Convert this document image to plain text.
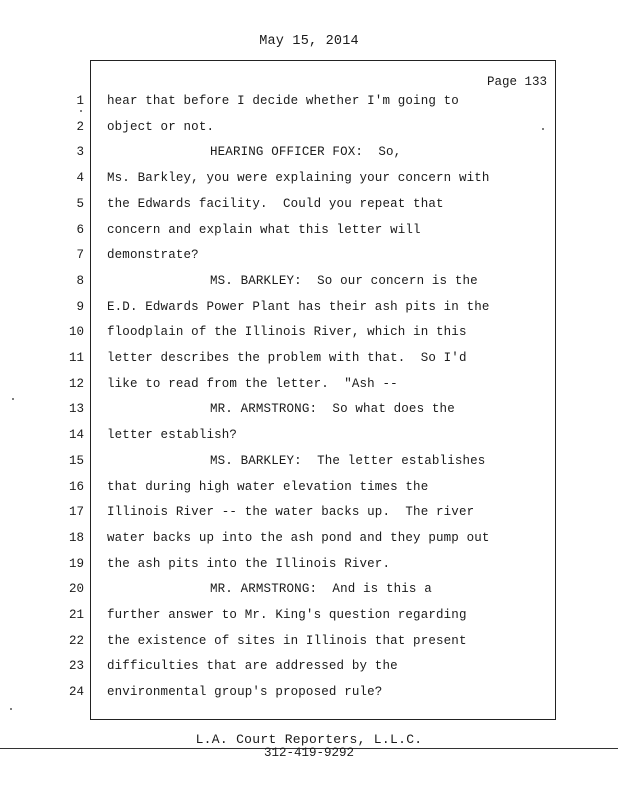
May 15, 2014
Page 133
1 hear that before I decide whether I'm going to
2 object or not.
3	HEARING OFFICER FOX:  So,
4 Ms. Barkley, you were explaining your concern with
5 the Edwards facility.  Could you repeat that
6 concern and explain what this letter will
7 demonstrate?
8	MS. BARKLEY:  So our concern is the
9 E.D. Edwards Power Plant has their ash pits in the
10 floodplain of the Illinois River, which in this
11 letter describes the problem with that.  So I'd
12 like to read from the letter.  "Ash --
13	MR. ARMSTRONG:  So what does the
14 letter establish?
15	MS. BARKLEY:  The letter establishes
16 that during high water elevation times the
17 Illinois River -- the water backs up.  The river
18 water backs up into the ash pond and they pump out
19 the ash pits into the Illinois River.
20	MR. ARMSTRONG:  And is this a
21 further answer to Mr. King's question regarding
22 the existence of sites in Illinois that present
23 difficulties that are addressed by the
24 environmental group's proposed rule?
L.A. Court Reporters, L.L.C.
312-419-9292
